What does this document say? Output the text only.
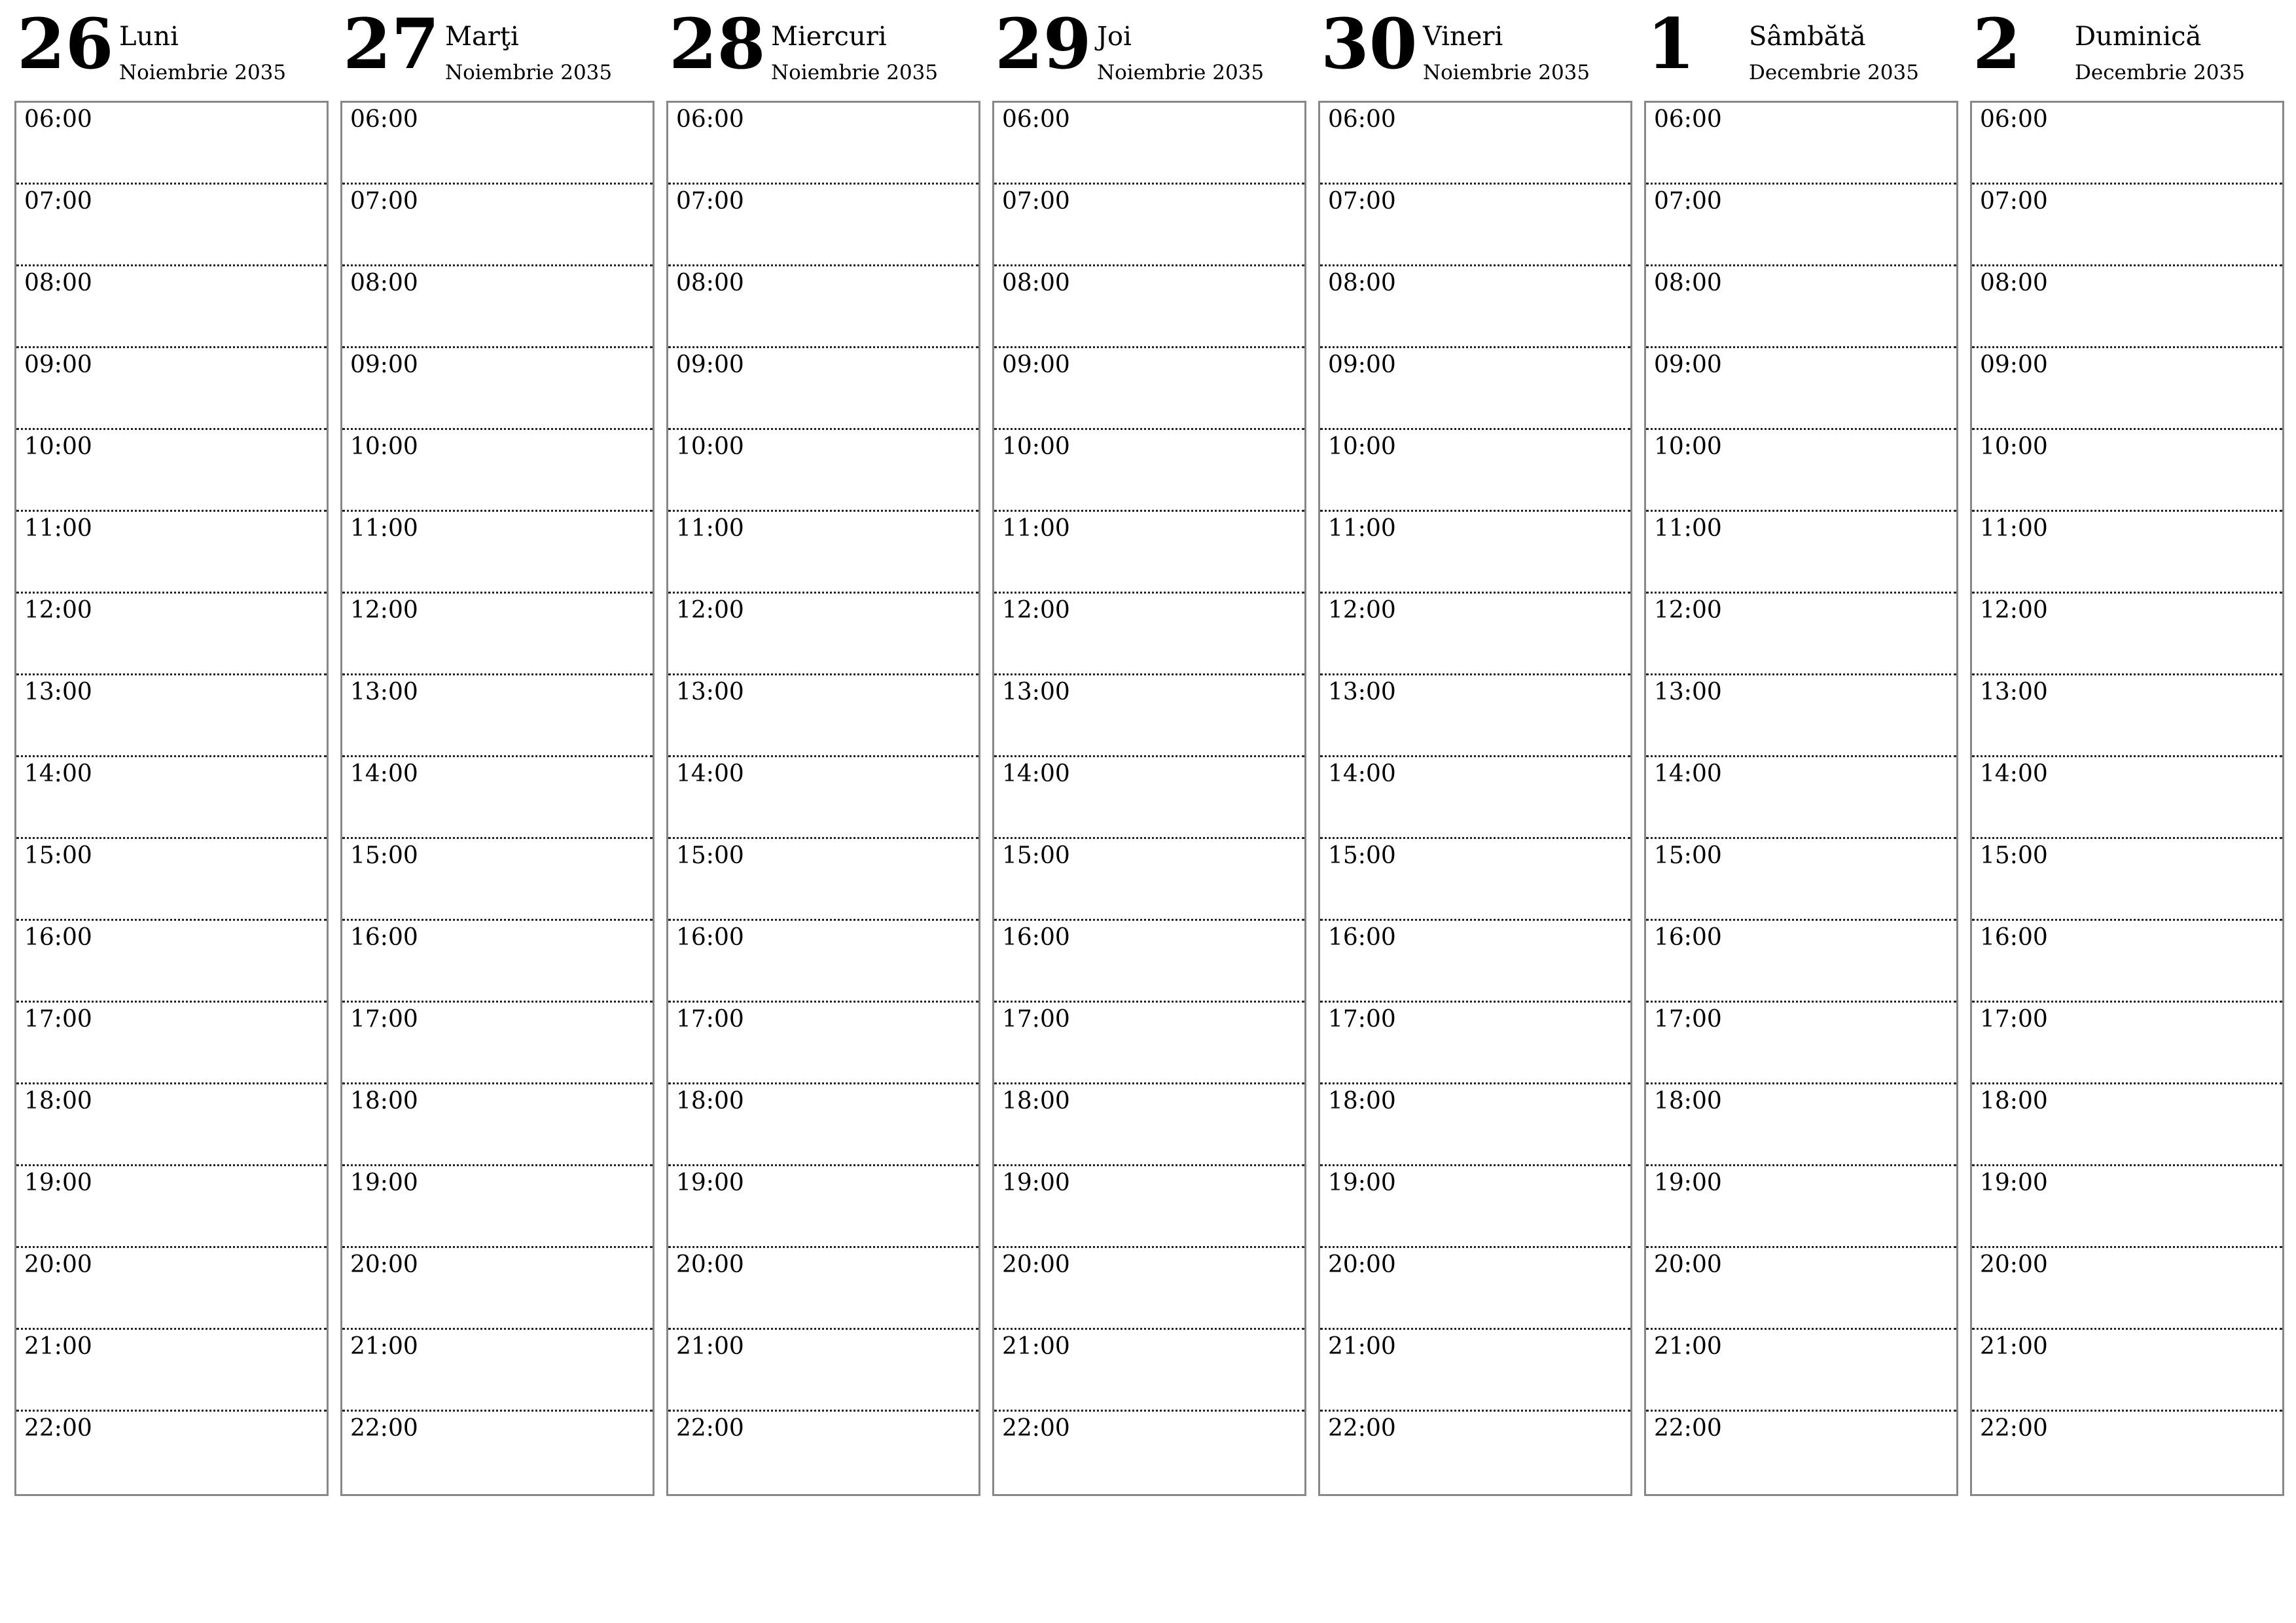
26 Luni
Noiembrie 2035
06:00
07:00
08:00
09:00
10:00
11:00
12:00
13:00
14:00
15:00
16:00
17:00
18:00
19:00
20:00
21:00
22:00
27 Marţi
Noiembrie 2035
06:00
07:00
08:00
09:00
10:00
11:00
12:00
13:00
14:00
15:00
16:00
17:00
18:00
19:00
20:00
21:00
22:00
28 Miercuri
Noiembrie 2035
06:00
07:00
08:00
09:00
10:00
11:00
12:00
13:00
14:00
15:00
16:00
17:00
18:00
19:00
20:00
21:00
22:00
29 Joi
Noiembrie 2035
06:00
07:00
08:00
09:00
10:00
11:00
12:00
13:00
14:00
15:00
16:00
17:00
18:00
19:00
20:00
21:00
22:00
30 Vineri
Noiembrie 2035
06:00
07:00
08:00
09:00
10:00
11:00
12:00
13:00
14:00
15:00
16:00
17:00
18:00
19:00
20:00
21:00
22:00
1 Sâmbătă
Decembrie 2035
06:00
07:00
08:00
09:00
10:00
11:00
12:00
13:00
14:00
15:00
16:00
17:00
18:00
19:00
20:00
21:00
22:00
2 Duminică
Decembrie 2035
06:00
07:00
08:00
09:00
10:00
11:00
12:00
13:00
14:00
15:00
16:00
17:00
18:00
19:00
20:00
21:00
22:00
